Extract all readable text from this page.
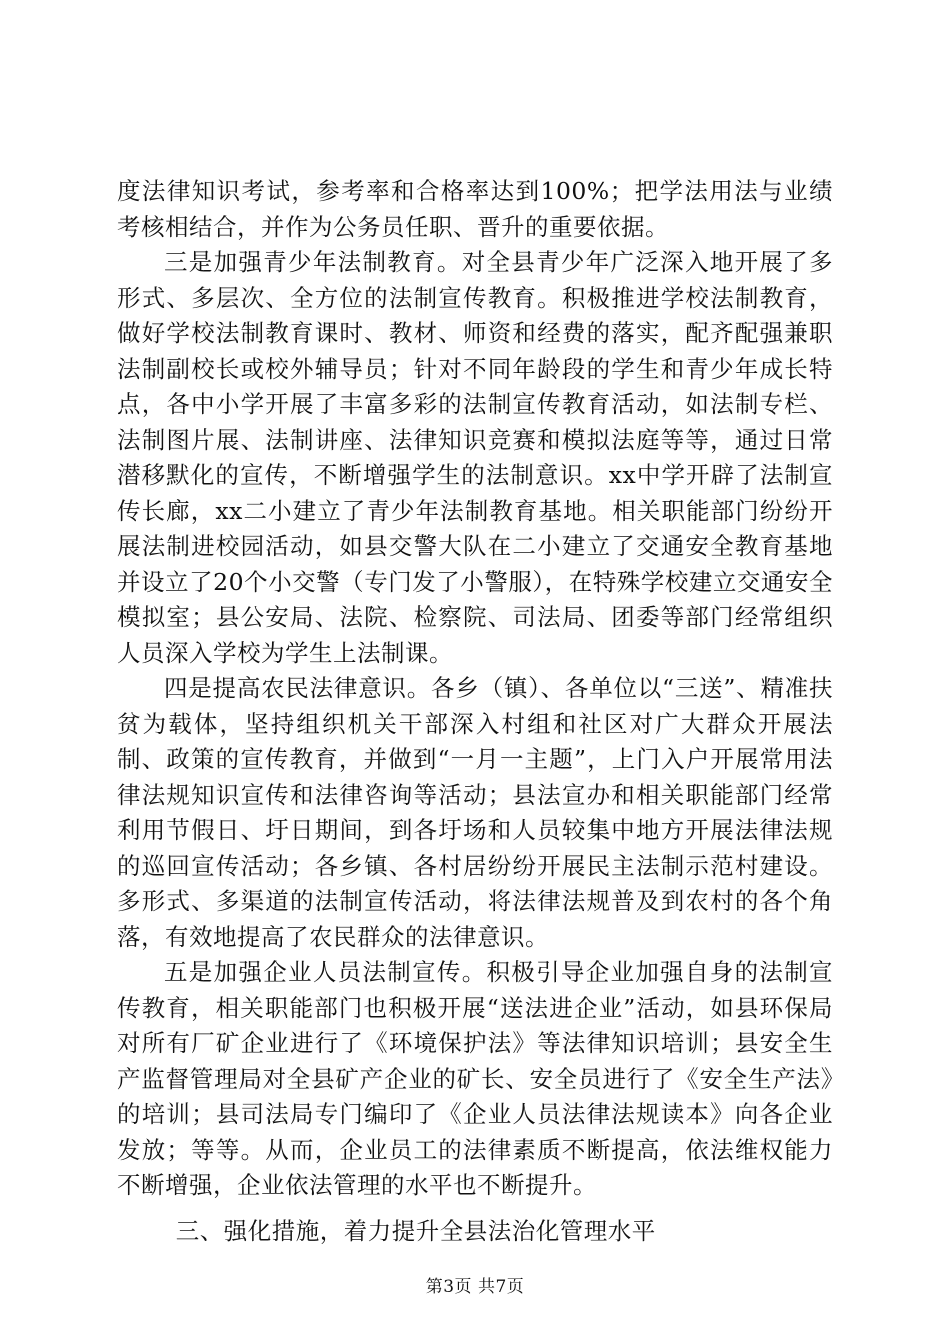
度法律知识考试，参考率和合格率达到100%；把学法用法与业绩考核相结合，并作为公务员任职、晋升的重要依据。

三是加强青少年法制教育。对全县青少年广泛深入地开展了多形式、多层次、全方位的法制宣传教育。积极推进学校法制教育，做好学校法制教育课时、教材、师资和经费的落实，配齐配强兼职法制副校长或校外辅导员；针对不同年龄段的学生和青少年成长特点，各中小学开展了丰富多彩的法制宣传教育活动，如法制专栏、法制图片展、法制讲座、法律知识竞赛和模拟法庭等等，通过日常潜移默化的宣传，不断增强学生的法制意识。xx中学开辟了法制宣传长廊，xx二小建立了青少年法制教育基地。相关职能部门纷纷开展法制进校园活动，如县交警大队在二小建立了交通安全教育基地并设立了20个小交警（专门发了小警服），在特殊学校建立交通安全模拟室；县公安局、法院、检察院、司法局、团委等部门经常组织人员深入学校为学生上法制课。

四是提高农民法律意识。各乡（镇）、各单位以“三送”、精准扶贫为载体，坚持组织机关干部深入村组和社区对广大群众开展法制、政策的宣传教育，并做到“一月一主题”，上门入户开展常用法律法规知识宣传和法律咨询等活动；县法宣办和相关职能部门经常利用节假日、圩日期间，到各圩场和人员较集中地方开展法律法规的巡回宣传活动；各乡镇、各村居纷纷开展民主法制示范村建设。多形式、多渠道的法制宣传活动，将法律法规普及到农村的各个角落，有效地提高了农民群众的法律意识。

五是加强企业人员法制宣传。积极引导企业加强自身的法制宣传教育，相关职能部门也积极开展“送法进企业”活动，如县环保局对所有厂矿企业进行了《环境保护法》等法律知识培训；县安全生产监督管理局对全县矿产企业的矿长、安全员进行了《安全生产法》的培训；县司法局专门编印了《企业人员法律法规读本》向各企业发放；等等。从而，企业员工的法律素质不断提高，依法维权能力不断增强，企业依法管理的水平也不断提升。

三、强化措施，着力提升全县法治化管理水平

第3页 共7页
